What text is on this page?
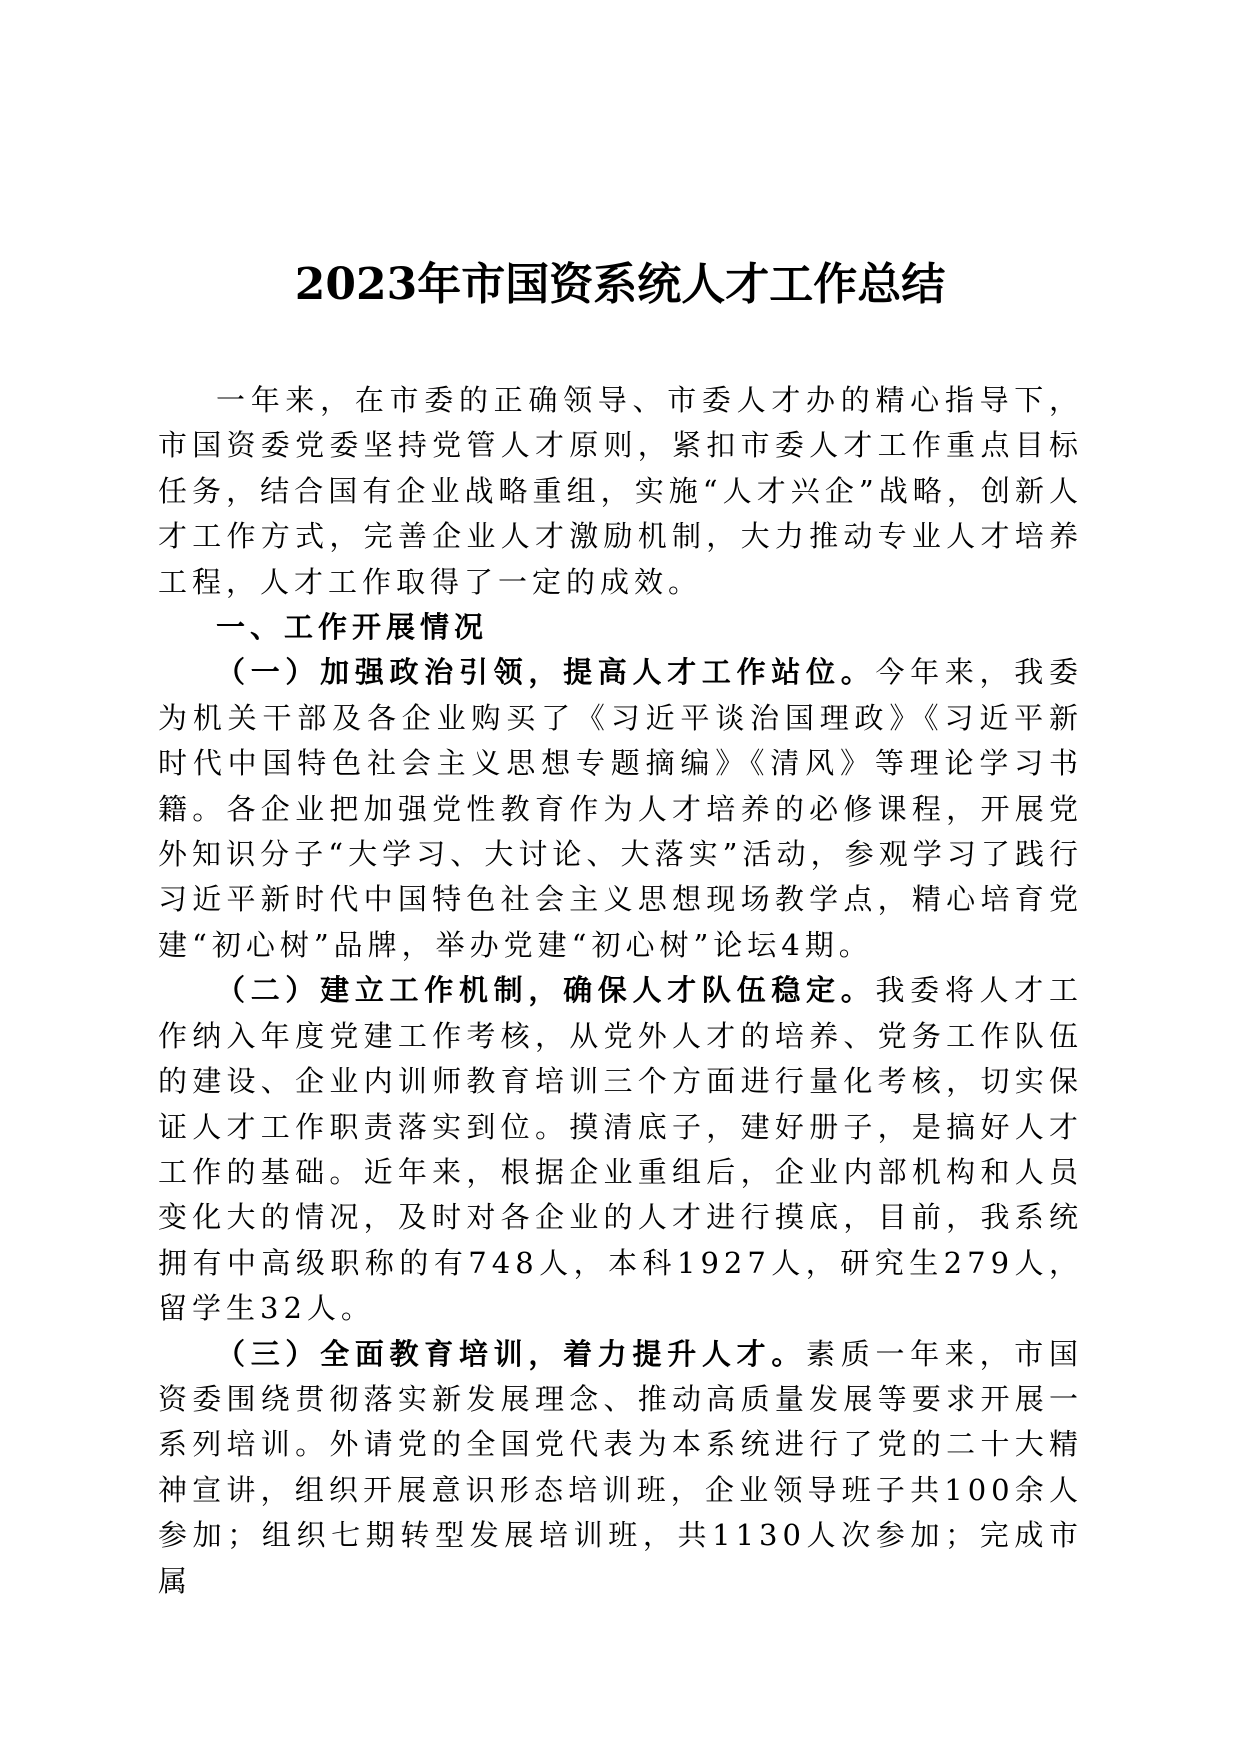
2023年市国资系统人才工作总结

一年来，在市委的正确领导、市委人才办的精心指导下，市国资委党委坚持党管人才原则，紧扣市委人才工作重点目标任务，结合国有企业战略重组，实施“人才兴企”战略，创新人才工作方式，完善企业人才激励机制，大力推动专业人才培养工程，人才工作取得了一定的成效。

一、工作开展情况

（一）加强政治引领，提高人才工作站位。今年来，我委为机关干部及各企业购买了《习近平谈治国理政》《习近平新时代中国特色社会主义思想专题摘编》《清风》等理论学习书籍。各企业把加强党性教育作为人才培养的必修课程，开展党外知识分子“大学习、大讨论、大落实”活动，参观学习了践行习近平新时代中国特色社会主义思想现场教学点，精心培育党建“初心树”品牌，举办党建“初心树”论坛4期。

（二）建立工作机制，确保人才队伍稳定。我委将人才工作纳入年度党建工作考核，从党外人才的培养、党务工作队伍的建设、企业内训师教育培训三个方面进行量化考核，切实保证人才工作职责落实到位。摸清底子，建好册子，是搞好人才工作的基础。近年来，根据企业重组后，企业内部机构和人员变化大的情况，及时对各企业的人才进行摸底，目前，我系统拥有中高级职称的有748人，本科1927人，研究生279人，留学生32人。

（三）全面教育培训，着力提升人才。素质一年来，市国资委围绕贯彻落实新发展理念、推动高质量发展等要求开展一系列培训。外请党的全国党代表为本系统进行了党的二十大精神宣讲，组织开展意识形态培训班，企业领导班子共100余人参加；组织七期转型发展培训班，共1130人次参加；完成市属
